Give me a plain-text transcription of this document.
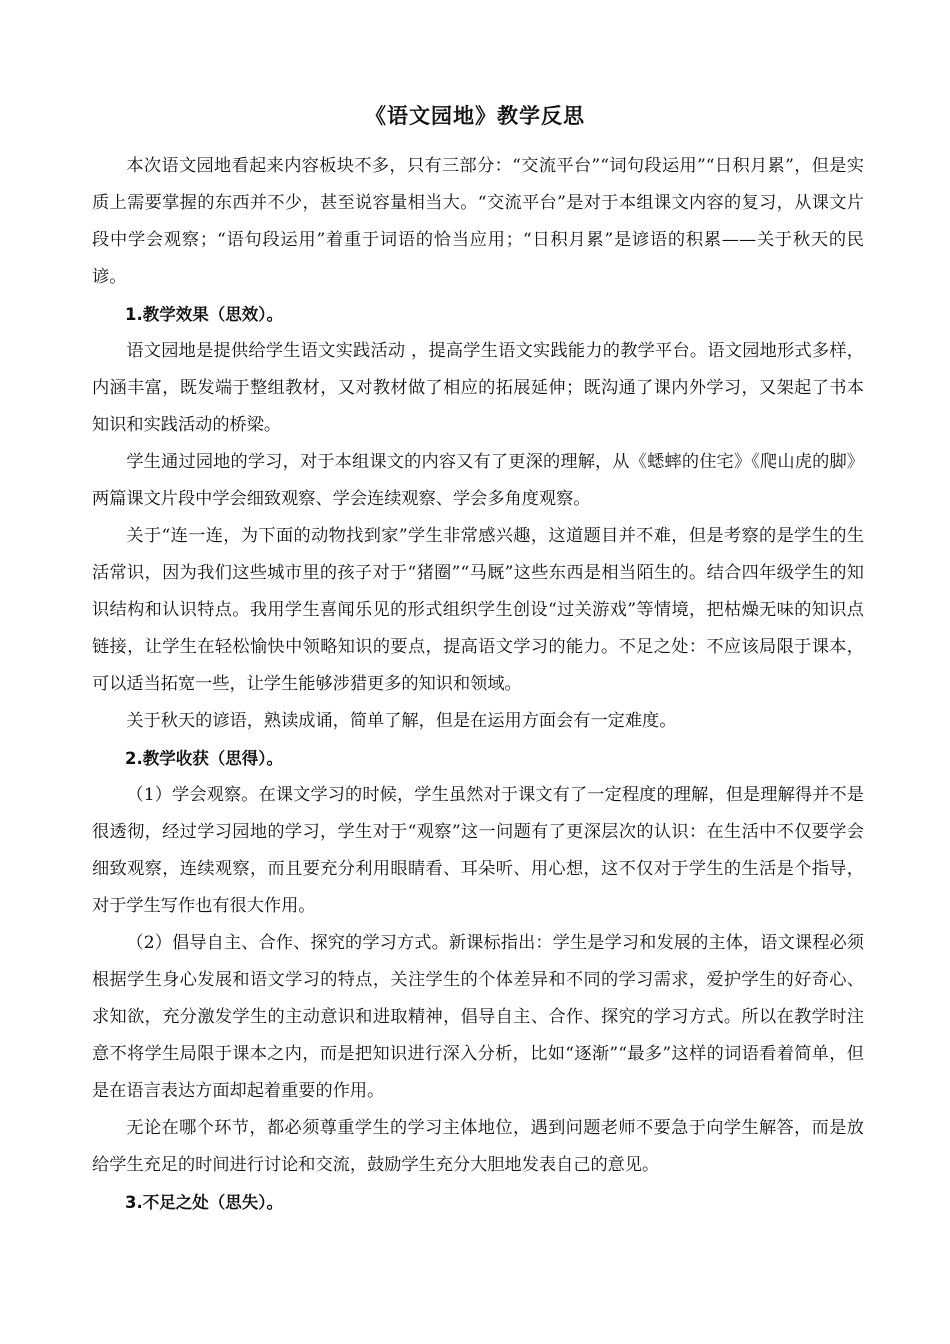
《语文园地》教学反思

本次语文园地看起来内容板块不多，只有三部分：“交流平台”“词句段运用”“日积月累”，但是实质上需要掌握的东西并不少，甚至说容量相当大。“交流平台”是对于本组课文内容的复习，从课文片段中学会观察；“语句段运用”着重于词语的恰当应用；“日积月累”是谚语的积累——关于秋天的民谚。

1.教学效果（思效）。

语文园地是提供给学生语文实践活动 ，提高学生语文实践能力的教学平台。语文园地形式多样，内涵丰富，既发端于整组教材，又对教材做了相应的拓展延伸；既沟通了课内外学习，又架起了书本知识和实践活动的桥梁。

学生通过园地的学习，对于本组课文的内容又有了更深的理解，从《蟋蟀的住宅》《爬山虎的脚》两篇课文片段中学会细致观察、学会连续观察、学会多角度观察。

关于“连一连，为下面的动物找到家”学生非常感兴趣，这道题目并不难，但是考察的是学生的生活常识，因为我们这些城市里的孩子对于“猪圈”“马厩”这些东西是相当陌生的。结合四年级学生的知识结构和认识特点。我用学生喜闻乐见的形式组织学生创设“过关游戏”等情境，把枯燥无味的知识点链接，让学生在轻松愉快中领略知识的要点，提高语文学习的能力。不足之处：不应该局限于课本，可以适当拓宽一些，让学生能够涉猎更多的知识和领域。

关于秋天的谚语，熟读成诵，简单了解，但是在运用方面会有一定难度。

2.教学收获（思得）。

（1）学会观察。在课文学习的时候，学生虽然对于课文有了一定程度的理解，但是理解得并不是很透彻，经过学习园地的学习，学生对于“观察”这一问题有了更深层次的认识：在生活中不仅要学会细致观察，连续观察，而且要充分利用眼睛看、耳朵听、用心想，这不仅对于学生的生活是个指导，对于学生写作也有很大作用。

（2）倡导自主、合作、探究的学习方式。新课标指出：学生是学习和发展的主体，语文课程必须根据学生身心发展和语文学习的特点，关注学生的个体差异和不同的学习需求，爱护学生的好奇心、求知欲，充分激发学生的主动意识和进取精神，倡导自主、合作、探究的学习方式。所以在教学时注意不将学生局限于课本之内，而是把知识进行深入分析，比如“逐渐”“最多”这样的词语看着简单，但是在语言表达方面却起着重要的作用。

无论在哪个环节，都必须尊重学生的学习主体地位，遇到问题老师不要急于向学生解答，而是放给学生充足的时间进行讨论和交流，鼓励学生充分大胆地发表自己的意见。

3.不足之处（思失）。
